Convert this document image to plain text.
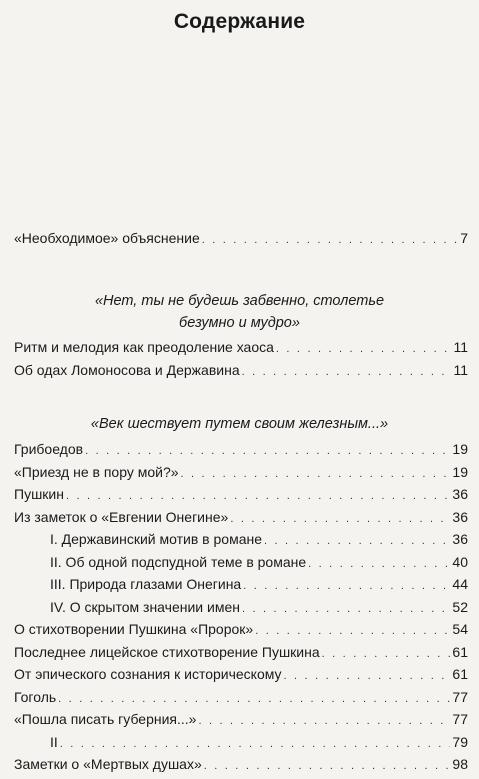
Содержание
«Необходимое» объяснение . . .	7
«Нет, ты не будешь забвенно, столетье
безумно и мудро»
Ритм и мелодия как преодоление хаоса . . .	11
Об одах Ломоносова и Державина . . .	11
«Век шествует путем своим железным...»
Грибоедов . . .	19
«Приезд не в пору мой?» . . .	19
Пушкин . . .	36
Из заметок о «Евгении Онегине» . . .	36
I. Державинский мотив в романе . . .	36
II. Об одной подспудной теме в романе . . .	40
III. Природа глазами Онегина . . .	44
IV. О скрытом значении имен . . .	52
О стихотворении Пушкина «Пророк» . . .	54
Последнее лицейское стихотворение Пушкина . . .	61
От эпического сознания к историческому . . .	61
Гоголь . . .	77
«Пошла писать губерния...» . . .	77
II . . .	79
Заметки о «Мертвых душах» . . .	98
